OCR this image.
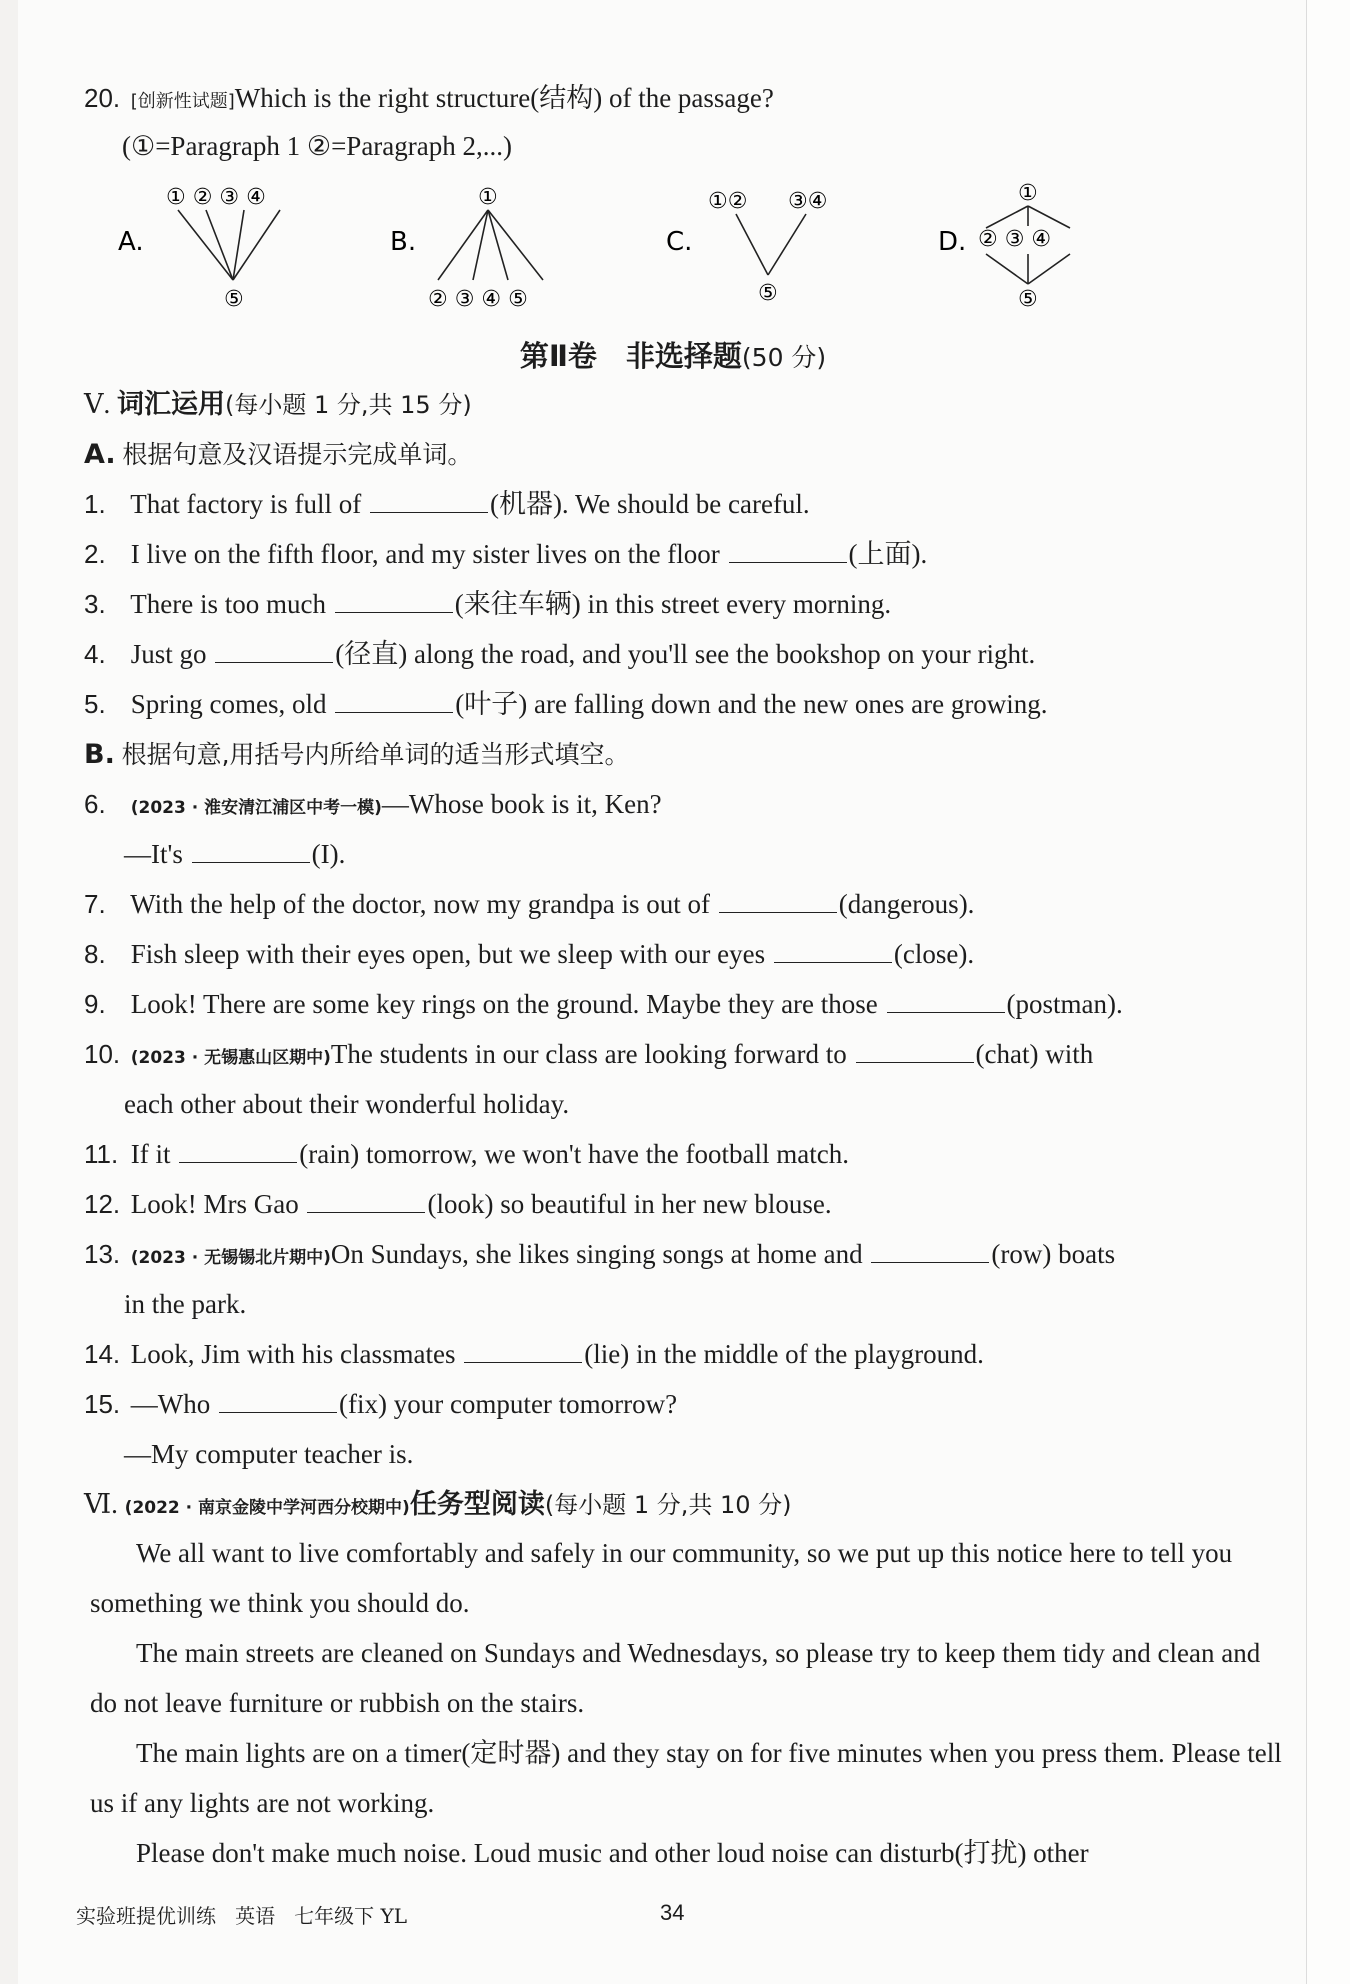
20. [创新性试题]Which is the right structure(结构) of the passage?
(①=Paragraph 1 ②=Paragraph 2,...)
A.
① ② ③ ④
⑤
B.
①
② ③ ④ ⑤
C.
①② ③④
⑤
D.
①
② ③ ④
⑤
第Ⅱ卷　非选择题(50 分)
Ⅴ. 词汇运用(每小题 1 分,共 15 分)
A. 根据句意及汉语提示完成单词。
1. That factory is full of	(机器). We should be careful.
2. I live on the fifth floor, and my sister lives on the floor	(上面).
3. There is too much	(来往车辆) in this street every morning.
4. Just go	(径直) along the road, and you'll see the bookshop on your right.
5. Spring comes, old	(叶子) are falling down and the new ones are growing.
B. 根据句意,用括号内所给单词的适当形式填空。
6. (2023 · 淮安清江浦区中考一模)—Whose book is it, Ken?
—It's	(I).
7. With the help of the doctor, now my grandpa is out of	(dangerous).
8. Fish sleep with their eyes open, but we sleep with our eyes	(close).
9. Look! There are some key rings on the ground. Maybe they are those	(postman).
10. (2023 · 无锡惠山区期中)The students in our class are looking forward to	(chat) with
each other about their wonderful holiday.
11. If it	(rain) tomorrow, we won't have the football match.
12. Look! Mrs Gao	(look) so beautiful in her new blouse.
13. (2023 · 无锡锡北片期中)On Sundays, she likes singing songs at home and	(row) boats
in the park.
14. Look, Jim with his classmates	(lie) in the middle of the playground.
15. —Who	(fix) your computer tomorrow?
—My computer teacher is.
Ⅵ. (2022 · 南京金陵中学河西分校期中)任务型阅读(每小题 1 分,共 10 分)
We all want to live comfortably and safely in our community, so we put up this notice here to tell you something we think you should do.
The main streets are cleaned on Sundays and Wednesdays, so please try to keep them tidy and clean and do not leave furniture or rubbish on the stairs.
The main lights are on a timer(定时器) and they stay on for five minutes when you press them. Please tell us if any lights are not working.
Please don't make much noise. Loud music and other loud noise can disturb(打扰) other
实验班提优训练 英语 七年级下 YL	34
